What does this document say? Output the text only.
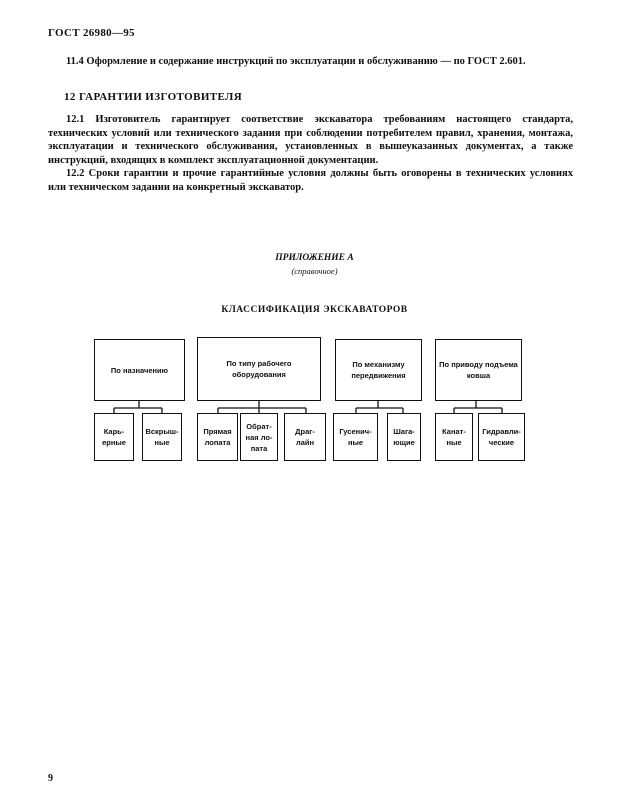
ГОСТ 26980—95
11.4 Оформление и содержание инструкций по эксплуатации и обслуживанию — по ГОСТ 2.601.
12 ГАРАНТИИ ИЗГОТОВИТЕЛЯ
12.1 Изготовитель гарантирует соответствие экскаватора требованиям настоящего стандарта, технических условий или технического задания при соблюдении потребителем правил, хранения, монтажа, эксплуатации и технического обслуживания, установленных в вышеуказанных документах, а также инструкций, входящих в комплект эксплуатационной документации.
12.2 Сроки гарантии и прочие гарантийные условия должны быть оговорены в технических условиях или техническом задании на конкретный экскаватор.
ПРИЛОЖЕНИЕ А
(справочное)
КЛАССИФИКАЦИЯ ЭКСКАВАТОРОВ
По назначению
По типу рабочего оборудования
По механизму передвижения
По приводу подъема ковша
Карь-ерные
Вскрыш-ные
Прямая лопата
Обрат-ная ло-пата
Драг-лайн
Гусенич-ные
Шага-ющие
Канат-ные
Гидравли-ческие
9
